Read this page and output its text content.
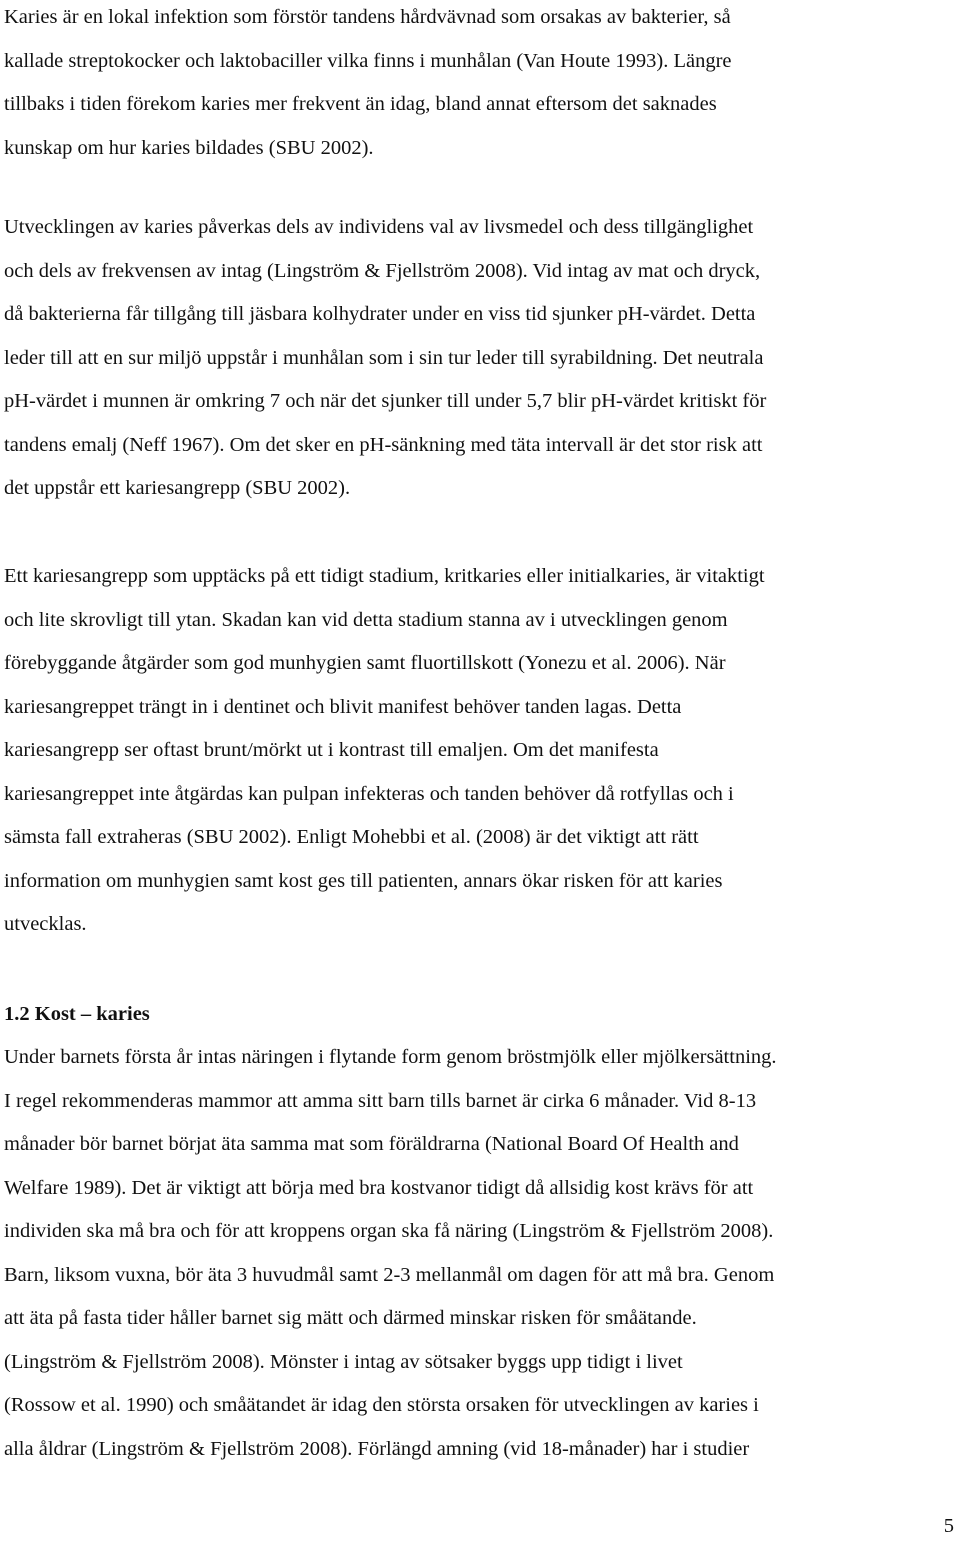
Karies är en lokal infektion som förstör tandens hårdvävnad som orsakas av bakterier, så
kallade streptokocker och laktobaciller vilka finns i munhålan (Van Houte 1993). Längre
tillbaks i tiden förekom karies mer frekvent än idag, bland annat eftersom det saknades
kunskap om hur karies bildades (SBU 2002).

Utvecklingen av karies påverkas dels av individens val av livsmedel och dess tillgänglighet
och dels av frekvensen av intag (Lingström & Fjellström 2008). Vid intag av mat och dryck,
då bakterierna får tillgång till jäsbara kolhydrater under en viss tid sjunker pH-värdet. Detta
leder till att en sur miljö uppstår i munhålan som i sin tur leder till syrabildning. Det neutrala
pH-värdet i munnen är omkring 7 och när det sjunker till under 5,7 blir pH-värdet kritiskt för
tandens emalj (Neff 1967). Om det sker en pH-sänkning med täta intervall är det stor risk att
det uppstår ett kariesangrepp (SBU 2002).

Ett kariesangrepp som upptäcks på ett tidigt stadium, kritkaries eller initialkaries, är vitaktigt
och lite skrovligt till ytan. Skadan kan vid detta stadium stanna av i utvecklingen genom
förebyggande åtgärder som god munhygien samt fluortillskott (Yonezu et al. 2006). När
kariesangreppet trängt in i dentinet och blivit manifest behöver tanden lagas. Detta
kariesangrepp ser oftast brunt/mörkt ut i kontrast till emaljen. Om det manifesta
kariesangreppet inte åtgärdas kan pulpan infekteras och tanden behöver då rotfyllas och i
sämsta fall extraheras (SBU 2002). Enligt Mohebbi et al. (2008) är det viktigt att rätt
information om munhygien samt kost ges till patienten, annars ökar risken för att karies
utvecklas.

1.2 Kost – karies

Under barnets första år intas näringen i flytande form genom bröstmjölk eller mjölkersättning.
I regel rekommenderas mammor att amma sitt barn tills barnet är cirka 6 månader. Vid 8-13
månader bör barnet börjat äta samma mat som föräldrarna (National Board Of Health and
Welfare 1989). Det är viktigt att börja med bra kostvanor tidigt då allsidig kost krävs för att
individen ska må bra och för att kroppens organ ska få näring (Lingström & Fjellström 2008).
Barn, liksom vuxna, bör äta 3 huvudmål samt 2-3 mellanmål om dagen för att må bra. Genom
att äta på fasta tider håller barnet sig mätt och därmed minskar risken för småätande.
(Lingström & Fjellström 2008). Mönster i intag av sötsaker byggs upp tidigt i livet
(Rossow et al. 1990) och småätandet är idag den största orsaken för utvecklingen av karies i
alla åldrar (Lingström & Fjellström 2008). Förlängd amning (vid 18-månader) har i studier

5
